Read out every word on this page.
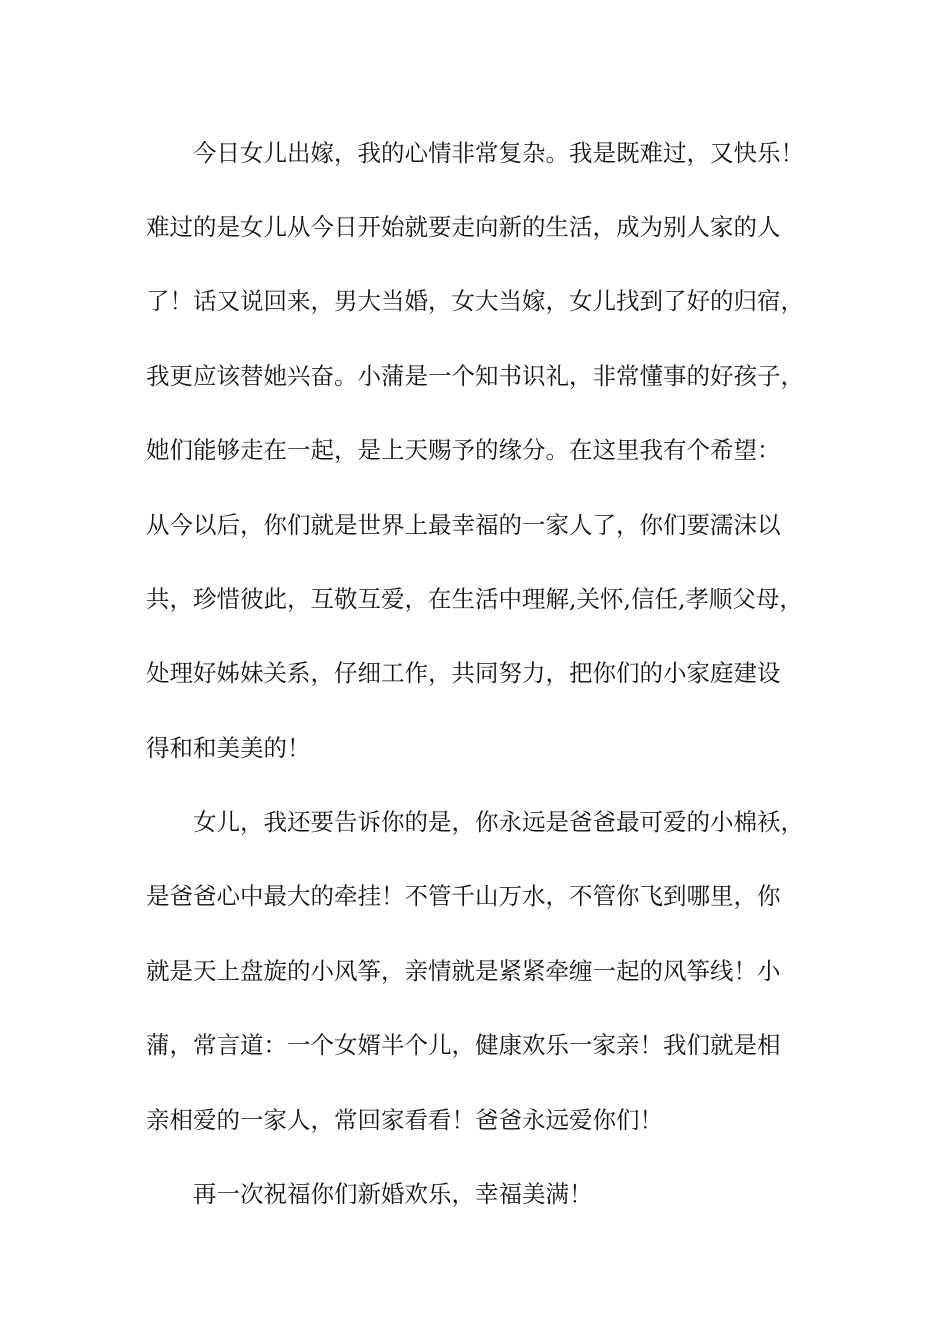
今日女儿出嫁，我的心情非常复杂。我是既难过，又快乐！
难过的是女儿从今日开始就要走向新的生活，成为别人家的人
了！话又说回来，男大当婚，女大当嫁，女儿找到了好的归宿，
我更应该替她兴奋。小蒲是一个知书识礼，非常懂事的好孩子，
她们能够走在一起，是上天赐予的缘分。在这里我有个希望：
从今以后，你们就是世界上最幸福的一家人了，你们要濡沫以
共，珍惜彼此，互敬互爱，在生活中理解,关怀,信任,孝顺父母，
处理好姊妹关系，仔细工作，共同努力，把你们的小家庭建设
得和和美美的！
女儿，我还要告诉你的是，你永远是爸爸最可爱的小棉袄，
是爸爸心中最大的牵挂！不管千山万水，不管你飞到哪里，你
就是天上盘旋的小风筝，亲情就是紧紧牵缠一起的风筝线！小
蒲，常言道：一个女婿半个儿，健康欢乐一家亲！我们就是相
亲相爱的一家人，常回家看看！爸爸永远爱你们！
再一次祝福你们新婚欢乐，幸福美满！
